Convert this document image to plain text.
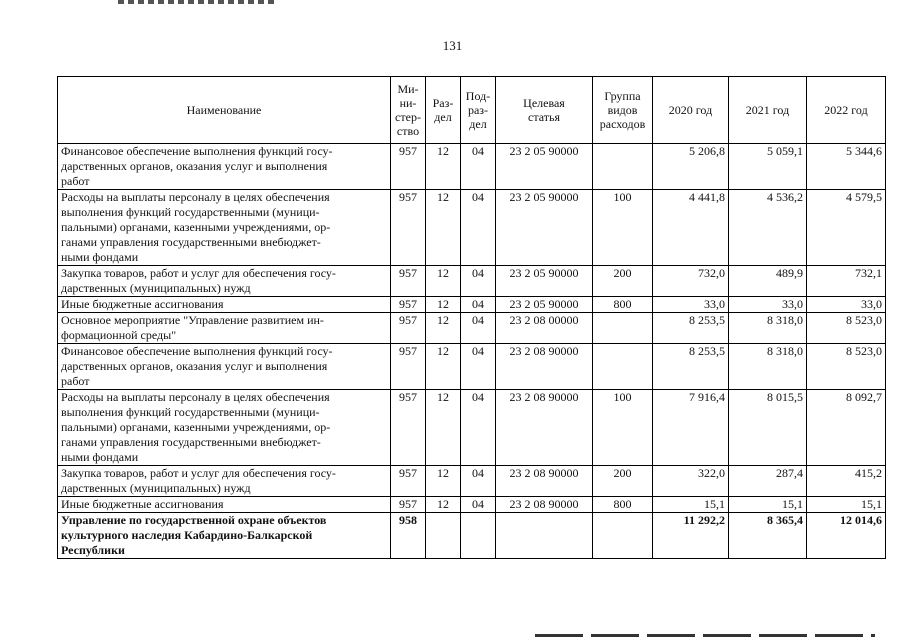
131
Наименование	Ми-
ни-
стер-
ство	Раз-
дел	Под-
раз-
дел	Целевая
статья	Группа
видов
расходов	2020 год	2021 год	2022 год
Финансовое обеспечение выполнения функций госу-
дарственных органов, оказания услуг и выполнения
работ	957	12	04	23 2 05 90000		5 206,8	5 059,1	5 344,6
Расходы на выплаты персоналу в целях обеспечения
выполнения функций государственными (муници-
пальными) органами, казенными учреждениями, ор-
ганами управления государственными внебюджет-
ными фондами	957	12	04	23 2 05 90000	100	4 441,8	4 536,2	4 579,5
Закупка товаров, работ и услуг для обеспечения госу-
дарственных (муниципальных) нужд	957	12	04	23 2 05 90000	200	732,0	489,9	732,1
Иные бюджетные ассигнования	957	12	04	23 2 05 90000	800	33,0	33,0	33,0
Основное мероприятие "Управление развитием ин-
формационной среды"	957	12	04	23 2 08 00000		8 253,5	8 318,0	8 523,0
Финансовое обеспечение выполнения функций госу-
дарственных органов, оказания услуг и выполнения
работ	957	12	04	23 2 08 90000		8 253,5	8 318,0	8 523,0
Расходы на выплаты персоналу в целях обеспечения
выполнения функций государственными (муници-
пальными) органами, казенными учреждениями, ор-
ганами управления государственными внебюджет-
ными фондами	957	12	04	23 2 08 90000	100	7 916,4	8 015,5	8 092,7
Закупка товаров, работ и услуг для обеспечения госу-
дарственных (муниципальных) нужд	957	12	04	23 2 08 90000	200	322,0	287,4	415,2
Иные бюджетные ассигнования	957	12	04	23 2 08 90000	800	15,1	15,1	15,1
Управление по государственной охране объектов
культурного наследия Кабардино-Балкарской
Республики	958					11 292,2	8 365,4	12 014,6
